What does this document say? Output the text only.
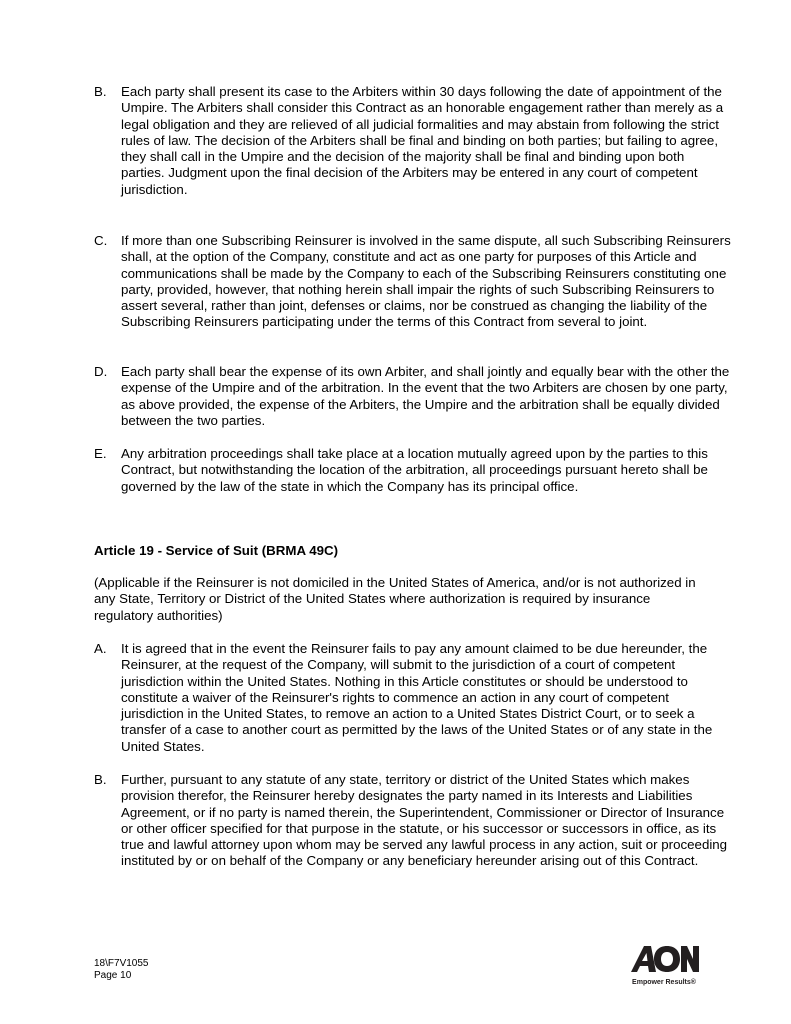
B. Each party shall present its case to the Arbiters within 30 days following the date of appointment of the Umpire. The Arbiters shall consider this Contract as an honorable engagement rather than merely as a legal obligation and they are relieved of all judicial formalities and may abstain from following the strict rules of law. The decision of the Arbiters shall be final and binding on both parties; but failing to agree, they shall call in the Umpire and the decision of the majority shall be final and binding upon both parties. Judgment upon the final decision of the Arbiters may be entered in any court of competent jurisdiction.
C. If more than one Subscribing Reinsurer is involved in the same dispute, all such Subscribing Reinsurers shall, at the option of the Company, constitute and act as one party for purposes of this Article and communications shall be made by the Company to each of the Subscribing Reinsurers constituting one party, provided, however, that nothing herein shall impair the rights of such Subscribing Reinsurers to assert several, rather than joint, defenses or claims, nor be construed as changing the liability of the Subscribing Reinsurers participating under the terms of this Contract from several to joint.
D. Each party shall bear the expense of its own Arbiter, and shall jointly and equally bear with the other the expense of the Umpire and of the arbitration. In the event that the two Arbiters are chosen by one party, as above provided, the expense of the Arbiters, the Umpire and the arbitration shall be equally divided between the two parties.
E. Any arbitration proceedings shall take place at a location mutually agreed upon by the parties to this Contract, but notwithstanding the location of the arbitration, all proceedings pursuant hereto shall be governed by the law of the state in which the Company has its principal office.
Article 19 - Service of Suit (BRMA 49C)
(Applicable if the Reinsurer is not domiciled in the United States of America, and/or is not authorized in any State, Territory or District of the United States where authorization is required by insurance regulatory authorities)
A. It is agreed that in the event the Reinsurer fails to pay any amount claimed to be due hereunder, the Reinsurer, at the request of the Company, will submit to the jurisdiction of a court of competent jurisdiction within the United States. Nothing in this Article constitutes or should be understood to constitute a waiver of the Reinsurer's rights to commence an action in any court of competent jurisdiction in the United States, to remove an action to a United States District Court, or to seek a transfer of a case to another court as permitted by the laws of the United States or of any state in the United States.
B. Further, pursuant to any statute of any state, territory or district of the United States which makes provision therefor, the Reinsurer hereby designates the party named in its Interests and Liabilities Agreement, or if no party is named therein, the Superintendent, Commissioner or Director of Insurance or other officer specified for that purpose in the statute, or his successor or successors in office, as its true and lawful attorney upon whom may be served any lawful process in any action, suit or proceeding instituted by or on behalf of the Company or any beneficiary hereunder arising out of this Contract.
18\F7V1055
Page 10
Empower Results®
